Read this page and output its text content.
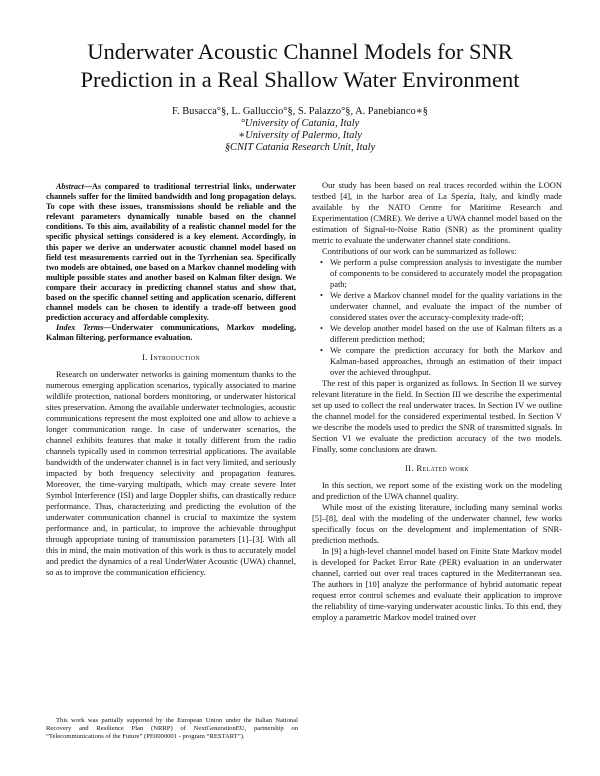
Underwater Acoustic Channel Models for SNR
Prediction in a Real Shallow Water Environment
F. Busacca°§, L. Galluccio°§, S. Palazzo°§, A. Panebianco∗§
°University of Catania, Italy
∗University of Palermo, Italy
§CNIT Catania Research Unit, Italy

Abstract—As compared to traditional terrestrial links, underwater channels suffer for the limited bandwidth and long propagation delays. To cope with these issues, transmissions should be reliable and the relevant parameters dynamically tunable based on the channel conditions. To this aim, availability of a realistic channel model for the specific physical settings considered is a key element. Accordingly, in this paper we derive an underwater acoustic channel model based on field test measurements carried out in the Tyrrhenian sea. Specifically two models are obtained, one based on a Markov channel modeling with multiple possible states and another based on Kalman filter design. We compare their accuracy in predicting channel status and show that, based on the specific channel setting and application scenario, different channel models can be chosen to identify a trade-off between good prediction accuracy and affordable complexity.

Index Terms—Underwater communications, Markov modeling, Kalman filtering, performance evaluation.

I. Introduction

Research on underwater networks is gaining momentum thanks to the numerous emerging application scenarios, typically associated to marine wildlife protection, national borders monitoring, or underwater historical sites preservation. Among the available underwater technologies, acoustic communications represent the most exploited one and allow to achieve a longer communication range. In case of underwater scenarios, the channel exhibits features that make it totally different from the radio channels typically used in common terrestrial applications. The available bandwidth of the underwater channel is in fact very limited, and seriously impacted by both frequency selectivity and propagation features. Moreover, the time-varying multipath, which may create severe Inter Symbol Interference (ISI) and large Doppler shifts, can drastically reduce performance. Thus, characterizing and predicting the evolution of the underwater communication channel is crucial to maximize the system performance and, in particular, to improve the achievable throughput through appropriate tuning of transmission parameters [1]–[3]. With all this in mind, the main motivation of this work is thus to accurately model and predict the dynamics of a real UnderWater Acoustic (UWA) channel, so as to improve the communication efficiency.

This work was partially supported by the European Union under the Italian National Recovery and Resilience Plan (NRRP) of NextGenerationEU, partnership on “Telecommunications of the Future” (PE0000001 - program “RESTART”).

Our study has been based on real traces recorded within the LOON testbed [4], in the harbor area of La Spezia, Italy, and kindly made available by the NATO Centre for Maritime Research and Experimentation (CMRE). We derive a UWA channel model based on the estimation of Signal-to-Noise Ratio (SNR) as the prominent quality metric to evaluate the underwater channel state conditions.

Contributions of our work can be summarized as follows:

• We perform a pulse compression analysis to investigate the number of components to be considered to accurately model the propagation path;
• We derive a Markov channel model for the quality variations in the underwater channel, and evaluate the impact of the number of considered states over the accuracy-complexity trade-off;
• We develop another model based on the use of Kalman filters as a different prediction method;
• We compare the prediction accuracy for both the Markov and Kalman-based approaches, through an estimation of their impact over the achieved throughput.

The rest of this paper is organized as follows. In Section II we survey relevant literature in the field. In Section III we describe the experimental set up used to collect the real underwater traces. In Section IV we outline the channel model for the considered experimental testbed. In Section V we describe the models used to predict the SNR of transmitted signals. In Section VI we evaluate the prediction accuracy of the two models. Finally, some conclusions are drawn.

II. Related work

In this section, we report some of the existing work on the modeling and prediction of the UWA channel quality.

While most of the existing literature, including many seminal works [5]–[8], deal with the modeling of the underwater channel, few works specifically focus on the development and implementation of SNR-prediction methods.

In [9] a high-level channel model based on Finite State Markov model is developed for Packet Error Rate (PER) evaluation in an underwater channel, carried out over real traces captured in the Mediterranean sea. The authors in [10] analyze the performance of hybrid automatic repeat request error control schemes and evaluate their application to improve the reliability of time-varying underwater acoustic links. To this end, they employ a parametric Markov model trained over
